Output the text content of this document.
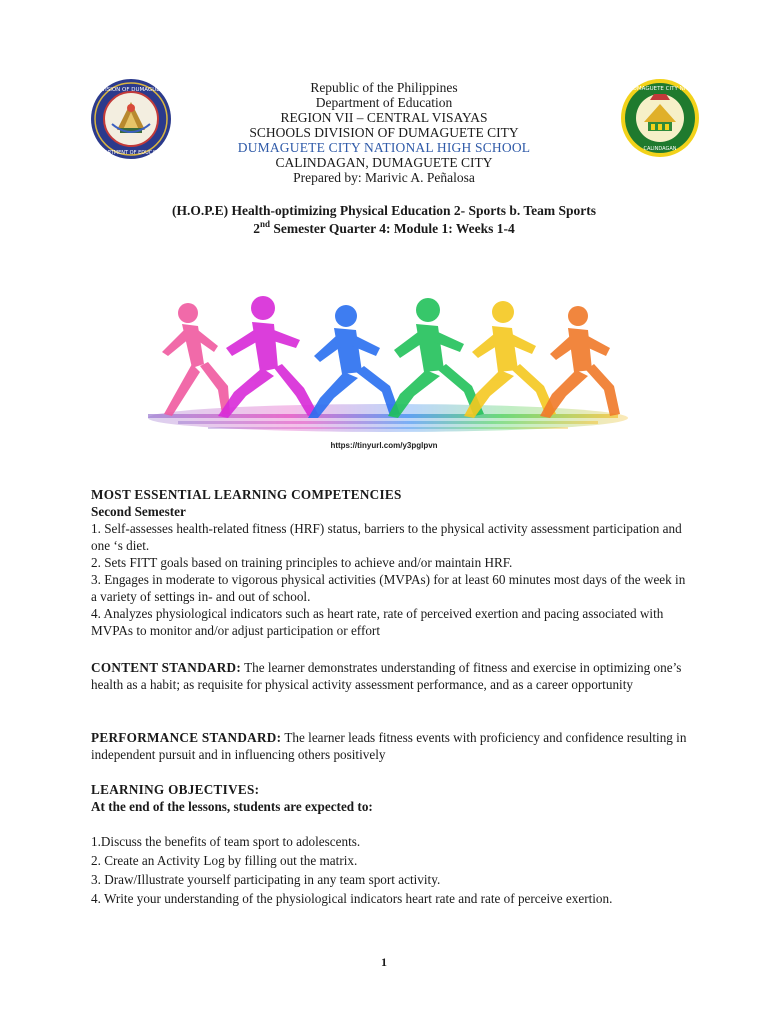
DIVISION OF DUMAGUETE
DEPARTMENT OF EDUCATION
DUMAGUETE CITY NHS
CALINDAGAN
Republic of the Philippines
Department of Education
REGION VII – CENTRAL VISAYAS
SCHOOLS DIVISION OF DUMAGUETE CITY
DUMAGUETE CITY NATIONAL HIGH SCHOOL
CALINDAGAN, DUMAGUETE CITY
Prepared by: Marivic A. Peñalosa
(H.O.P.E) Health-optimizing Physical Education 2- Sports b. Team Sports
2nd Semester Quarter 4: Module 1: Weeks 1-4
https://tinyurl.com/y3pglpvn

MOST ESSENTIAL LEARNING COMPETENCIES

Second Semester

1. Self-assesses health-related fitness (HRF) status, barriers to the physical activity assessment participation and one ‘s diet.

2. Sets FITT goals based on training principles to achieve and/or maintain HRF.

3. Engages in moderate to vigorous physical activities (MVPAs) for at least 60 minutes most days of the week in a variety of settings in- and out of school.

4. Analyzes physiological indicators such as heart rate, rate of perceived exertion and pacing associated with MVPAs to monitor and/or adjust participation or effort

CONTENT STANDARD: The learner demonstrates understanding of fitness and exercise in optimizing one’s health as a habit; as requisite for physical activity assessment performance, and as a career opportunity

PERFORMANCE STANDARD: The learner leads fitness events with proficiency and confidence resulting in independent pursuit and in influencing others positively

LEARNING OBJECTIVES:

At the end of the lessons, students are expected to:

1.Discuss the benefits of team sport to adolescents.

2. Create an Activity Log by filling out the matrix.

3. Draw/Illustrate yourself participating in any team sport activity.

4. Write your understanding of the physiological indicators heart rate and rate of perceive exertion.

1
